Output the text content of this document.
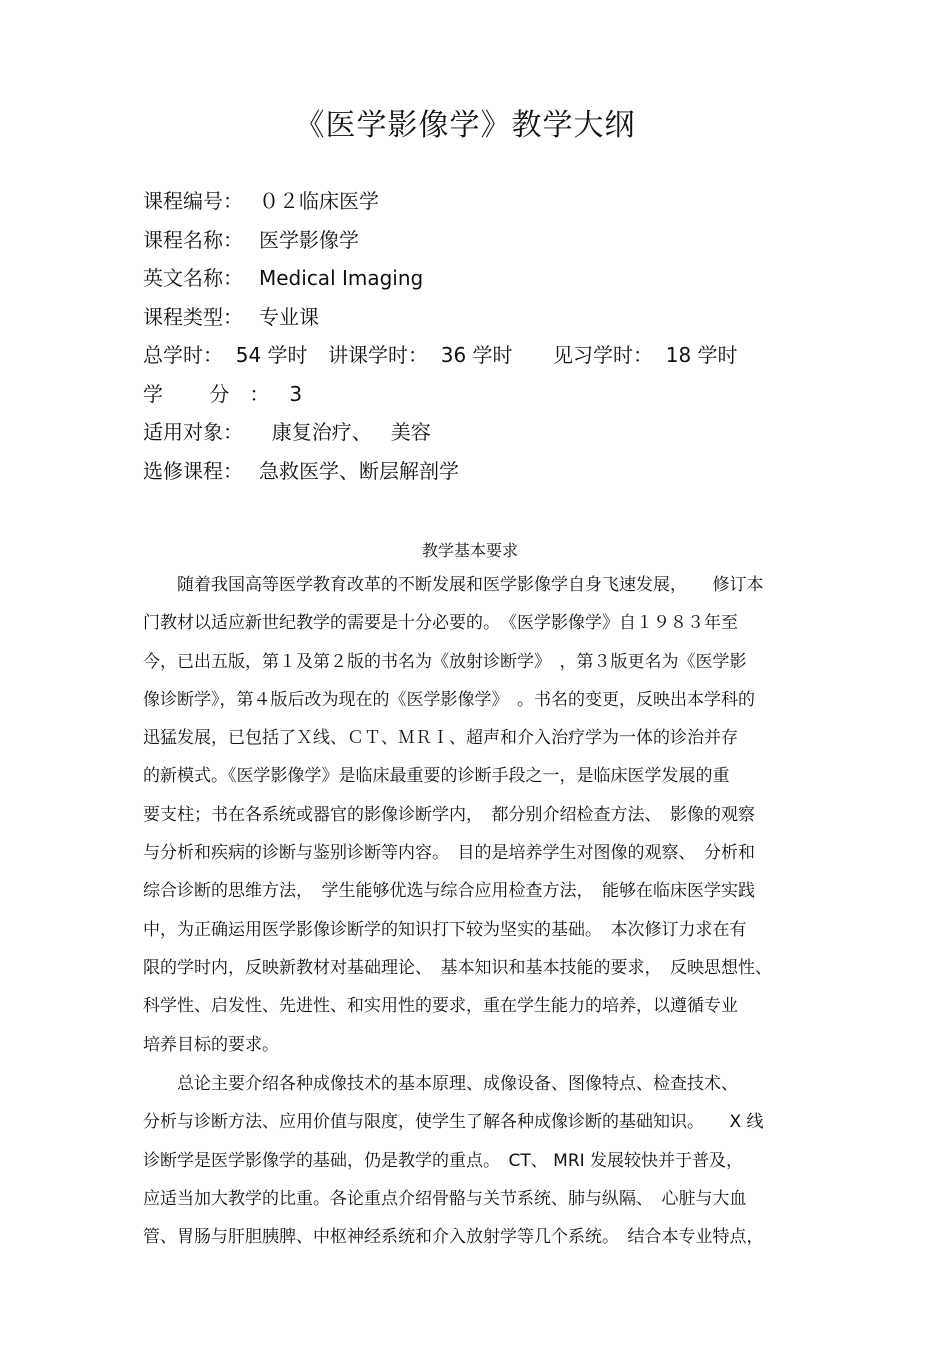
《医学影像学》教学大纲
课程编号： ０２临床医学
课程名称： 医学影像学
英文名称： Medical Imaging
课程类型： 专业课
总学时：  54 学时 讲课学时：  36 学时 见习学时：  18 学时
学 分：3
适用对象：  康复治疗、   美容
选修课程： 急救医学、断层解剖学
教学基本要求
　　随着我国高等医学教育改革的不断发展和医学影像学自身飞速发展，　　修订本
门教材以适应新世纪教学的需要是十分必要的。　《医学影像学》自１９８３年至
今，已出五版，第１及第２版的书名为《放射诊断学》　，第３版更名为《医学影
像诊断学》，第４版后改为现在的《医学影像学》　。书名的变更，反映出本学科的
迅猛发展，已包括了Ｘ线、ＣＴ、ＭＲＩ、超声和介入治疗学为一体的诊治并存
的新模式。《医学影像学》是临床最重要的诊断手段之一，是临床医学发展的重
要支柱；书在各系统或器官的影像诊断学内，　都分别介绍检查方法、　影像的观察
与分析和疾病的诊断与鉴别诊断等内容。　目的是培养学生对图像的观察、　分析和
综合诊断的思维方法，　学生能够优选与综合应用检查方法，　能够在临床医学实践
中，为正确运用医学影像诊断学的知识打下较为坚实的基础。　本次修订力求在有
限的学时内，反映新教材对基础理论、　基本知识和基本技能的要求，　反映思想性、
科学性、启发性、先进性、和实用性的要求，重在学生能力的培养，以遵循专业
培养目标的要求。
　　总论主要介绍各种成像技术的基本原理、成像设备、图像特点、检查技术、
分析与诊断方法、应用价值与限度，使学生了解各种成像诊断的基础知识。　　X 线
诊断学是医学影像学的基础，仍是教学的重点。　CT、 MRI 发展较快并于普及，
应适当加大教学的比重。各论重点介绍骨骼与关节系统、肺与纵隔、　心脏与大血
管、胃肠与肝胆胰脾、中枢神经系统和介入放射学等几个系统。　结合本专业特点，
